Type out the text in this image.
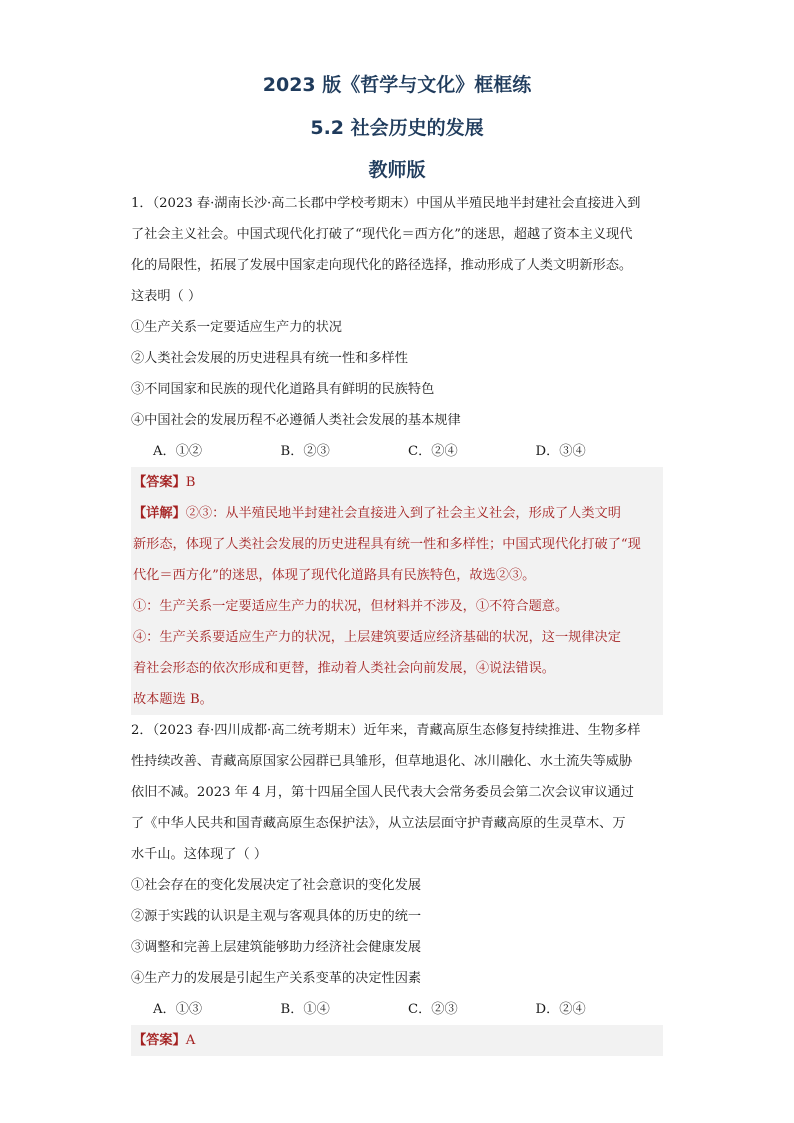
2023 版《哲学与文化》框框练
5.2 社会历史的发展
教师版
1．（2023 春·湖南长沙·高二长郡中学校考期末）中国从半殖民地半封建社会直接进入到
了社会主义社会。中国式现代化打破了“现代化＝西方化”的迷思，超越了资本主义现代
化的局限性，拓展了发展中国家走向现代化的路径选择，推动形成了人类文明新形态。
这表明（ ）
①生产关系一定要适应生产力的状况
②人类社会发展的历史进程具有统一性和多样性
③不同国家和民族的现代化道路具有鲜明的民族特色
④中国社会的发展历程不必遵循人类社会发展的基本规律
A．①②	B．②③	C．②④	D．③④
【答案】B
【详解】②③：从半殖民地半封建社会直接进入到了社会主义社会，形成了人类文明
新形态，体现了人类社会发展的历史进程具有统一性和多样性；中国式现代化打破了“现
代化＝西方化”的迷思，体现了现代化道路具有民族特色，故选②③。
①：生产关系一定要适应生产力的状况，但材料并不涉及，①不符合题意。
④：生产关系要适应生产力的状况，上层建筑要适应经济基础的状况，这一规律决定
着社会形态的依次形成和更替，推动着人类社会向前发展，④说法错误。
故本题选 B。
2．（2023 春·四川成都·高二统考期末）近年来，青藏高原生态修复持续推进、生物多样
性持续改善、青藏高原国家公园群已具雏形，但草地退化、冰川融化、水土流失等威胁
依旧不减。2023 年 4 月，第十四届全国人民代表大会常务委员会第二次会议审议通过
了《中华人民共和国青藏高原生态保护法》，从立法层面守护青藏高原的生灵草木、万
水千山。这体现了（ ）
①社会存在的变化发展决定了社会意识的变化发展
②源于实践的认识是主观与客观具体的历史的统一
③调整和完善上层建筑能够助力经济社会健康发展
④生产力的发展是引起生产关系变革的决定性因素
A．①③	B．①④	C．②③	D．②④
【答案】A
